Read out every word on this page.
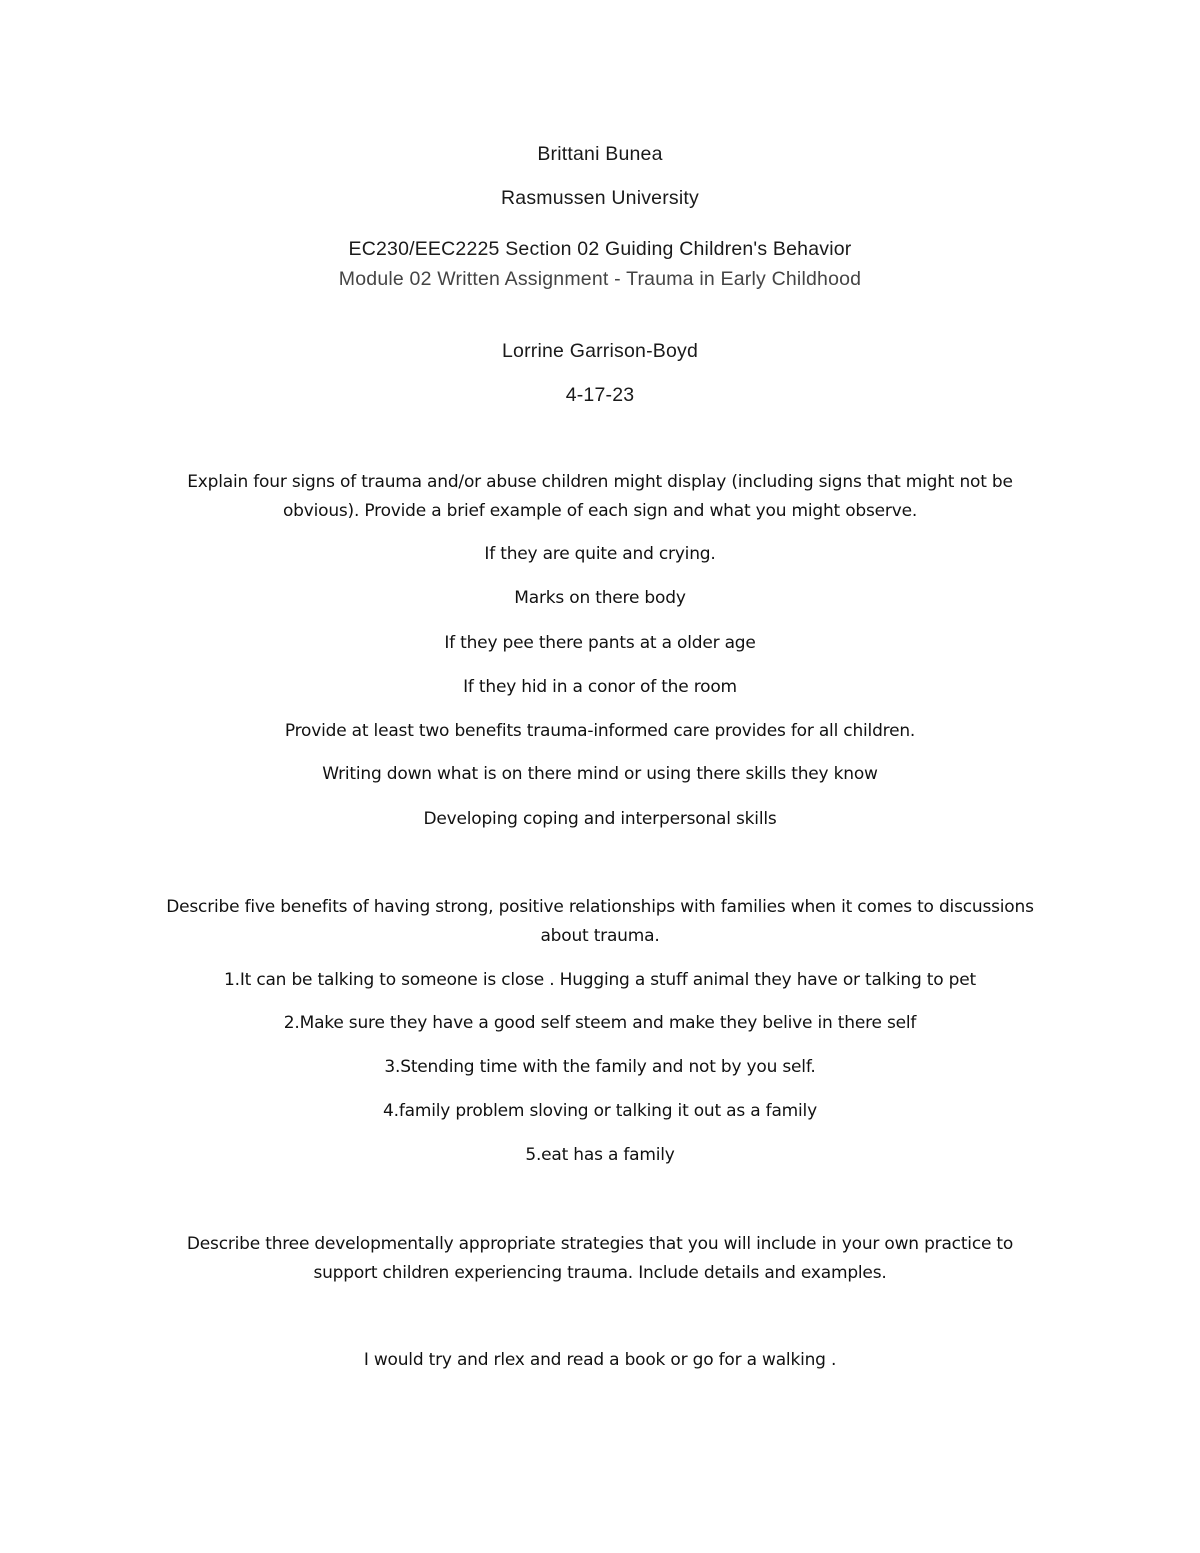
Brittani Bunea

Rasmussen University

EC230/EEC2225 Section 02 Guiding Children's Behavior

Module 02 Written Assignment - Trauma in Early Childhood

Lorrine Garrison-Boyd

4-17-23

Explain four signs of trauma and/or abuse children might display (including signs that might not be

obvious). Provide a brief example of each sign and what you might observe.

If they are quite and crying.

Marks on there body

If they pee there pants at a older age

If they hid in a conor of the room

Provide at least two benefits trauma-informed care provides for all children.

Writing down what is on there mind or using there skills they know

Developing coping and interpersonal skills

Describe five benefits of having strong, positive relationships with families when it comes to discussions

about trauma.

1.It can be talking to someone is close . Hugging a stuff animal they have or talking to pet

2.Make sure they have a good self steem and make they belive in there self

3.Stending time with the family and not by you self.

4.family problem sloving or talking it out as a family

5.eat has a family

Describe three developmentally appropriate strategies that you will include in your own practice to

support children experiencing trauma. Include details and examples.

I would try and rlex and read a book or go for a walking .
